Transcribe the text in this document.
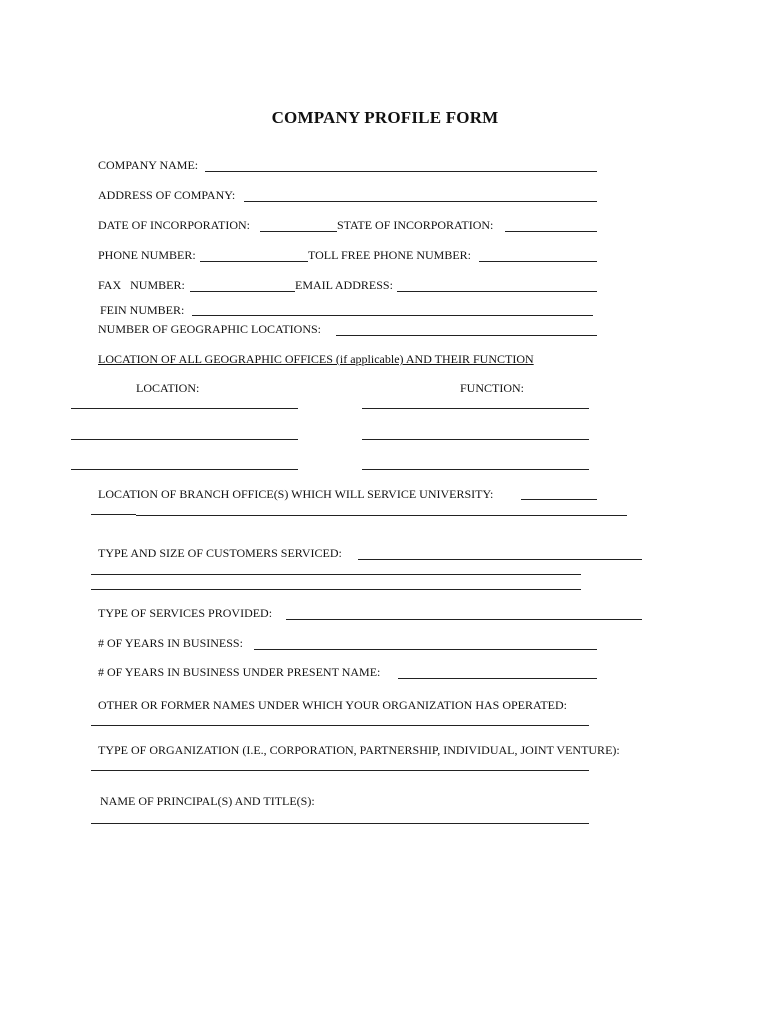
COMPANY PROFILE FORM
COMPANY NAME:
ADDRESS OF COMPANY:
DATE OF INCORPORATION:	STATE OF INCORPORATION:
PHONE NUMBER:	TOLL FREE PHONE NUMBER:
FAX   NUMBER:	EMAIL ADDRESS:
FEIN NUMBER:
NUMBER OF GEOGRAPHIC LOCATIONS:
LOCATION OF ALL GEOGRAPHIC OFFICES (if applicable) AND THEIR FUNCTION
LOCATION:	FUNCTION:
LOCATION OF BRANCH OFFICE(S) WHICH WILL SERVICE UNIVERSITY:
TYPE AND SIZE OF CUSTOMERS SERVICED:
TYPE OF SERVICES PROVIDED:
# OF YEARS IN BUSINESS:
# OF YEARS IN BUSINESS UNDER PRESENT NAME:
OTHER OR FORMER NAMES UNDER WHICH YOUR ORGANIZATION HAS OPERATED:
TYPE OF ORGANIZATION (I.E., CORPORATION, PARTNERSHIP, INDIVIDUAL, JOINT VENTURE):
NAME OF PRINCIPAL(S) AND TITLE(S):
